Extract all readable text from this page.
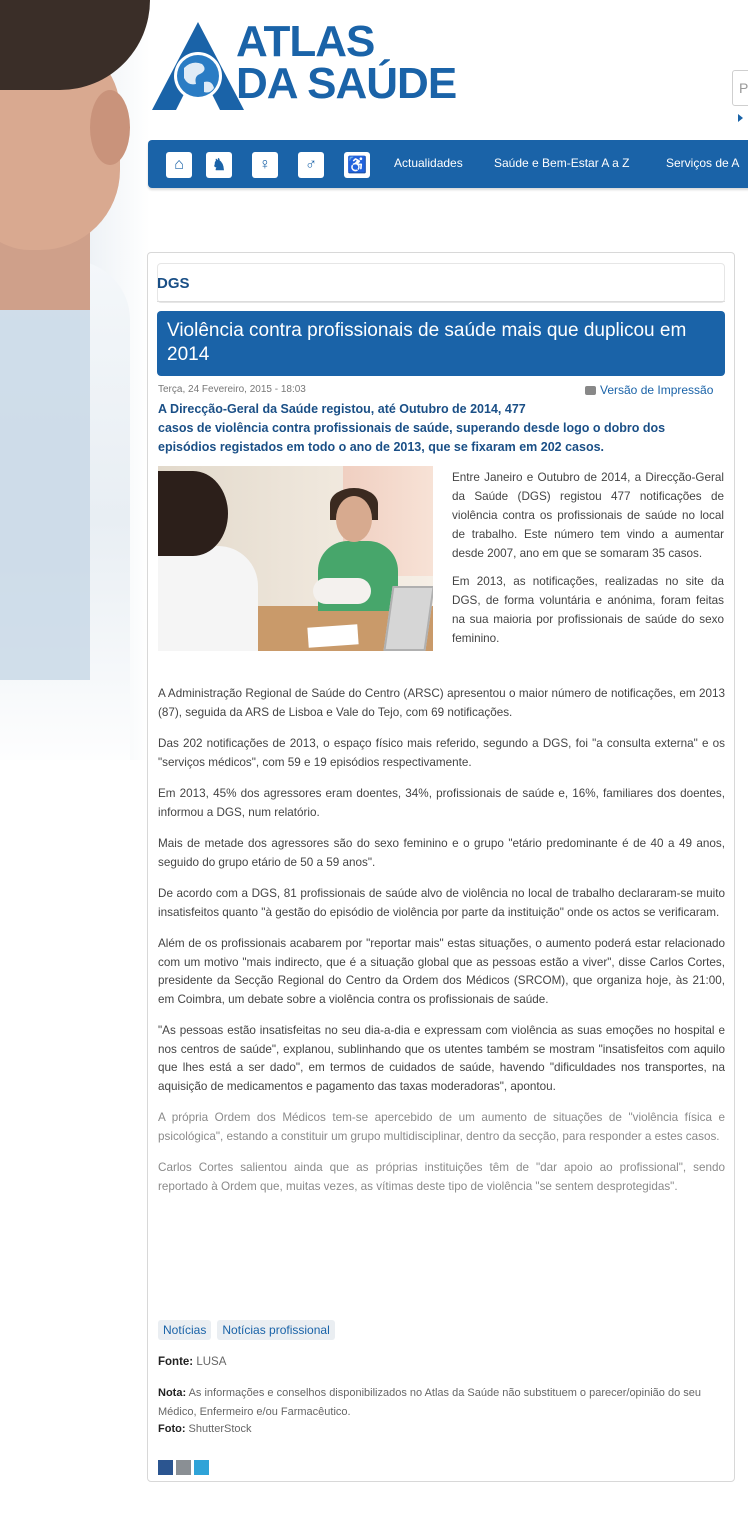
ATLAS
DA SAÚDE	P
⌂	♞	♀	♂	♿ Actualidades	Saúde e Bem-Estar A a Z	Serviços de A
DGS
Violência contra profissionais de saúde mais que duplicou em 2014
Terça, 24 Fevereiro, 2015 - 18:03	Versão de Impressão
A Direcção-Geral da Saúde registou, até Outubro de 2014, 477
casos de violência contra profissionais de saúde, superando desde logo o dobro dos episódios registados em todo o ano de 2013, que se fixaram em 202 casos.

Entre Janeiro e Outubro de 2014, a Direcção-Geral da Saúde (DGS) registou 477 notificações de violência contra os profissionais de saúde no local de trabalho. Este número tem vindo a aumentar desde 2007, ano em que se somaram 35 casos.

Em 2013, as notificações, realizadas no site da DGS, de forma voluntária e anónima, foram feitas na sua maioria por profissionais de saúde do sexo feminino.

A Administração Regional de Saúde do Centro (ARSC) apresentou o maior número de notificações, em 2013 (87), seguida da ARS de Lisboa e Vale do Tejo, com 69 notificações.

Das 202 notificações de 2013, o espaço físico mais referido, segundo a DGS, foi "a consulta externa" e os "serviços médicos", com 59 e 19 episódios respectivamente.

Em 2013, 45% dos agressores eram doentes, 34%, profissionais de saúde e, 16%, familiares dos doentes, informou a DGS, num relatório.

Mais de metade dos agressores são do sexo feminino e o grupo "etário predominante é de 40 a 49 anos, seguido do grupo etário de 50 a 59 anos".

De acordo com a DGS, 81 profissionais de saúde alvo de violência no local de trabalho declararam-se muito insatisfeitos quanto "à gestão do episódio de violência por parte da instituição" onde os actos se verificaram.

Além de os profissionais acabarem por "reportar mais" estas situações, o aumento poderá estar relacionado com um motivo "mais indirecto, que é a situação global que as pessoas estão a viver", disse Carlos Cortes, presidente da Secção Regional do Centro da Ordem dos Médicos (SRCOM), que organiza hoje, às 21:00, em Coimbra, um debate sobre a violência contra os profissionais de saúde.

"As pessoas estão insatisfeitas no seu dia-a-dia e expressam com violência as suas emoções no hospital e nos centros de saúde", explanou, sublinhando que os utentes também se mostram "insatisfeitos com aquilo que lhes está a ser dado", em termos de cuidados de saúde, havendo "dificuldades nos transportes, na aquisição de medicamentos e pagamento das taxas moderadoras", apontou.

A própria Ordem dos Médicos tem-se apercebido de um aumento de situações de "violência física e psicológica", estando a constituir um grupo multidisciplinar, dentro da secção, para responder a estes casos.

Carlos Cortes salientou ainda que as próprias instituições têm de "dar apoio ao profissional", sendo reportado à Ordem que, muitas vezes, as vítimas deste tipo de violência "se sentem desprotegidas".

Notícias	Notícias profissional
Fonte: LUSA
Nota: As informações e conselhos disponibilizados no Atlas da Saúde não substituem o parecer/opinião do seu Médico, Enfermeiro e/ou Farmacêutico.
Foto: ShutterStock
